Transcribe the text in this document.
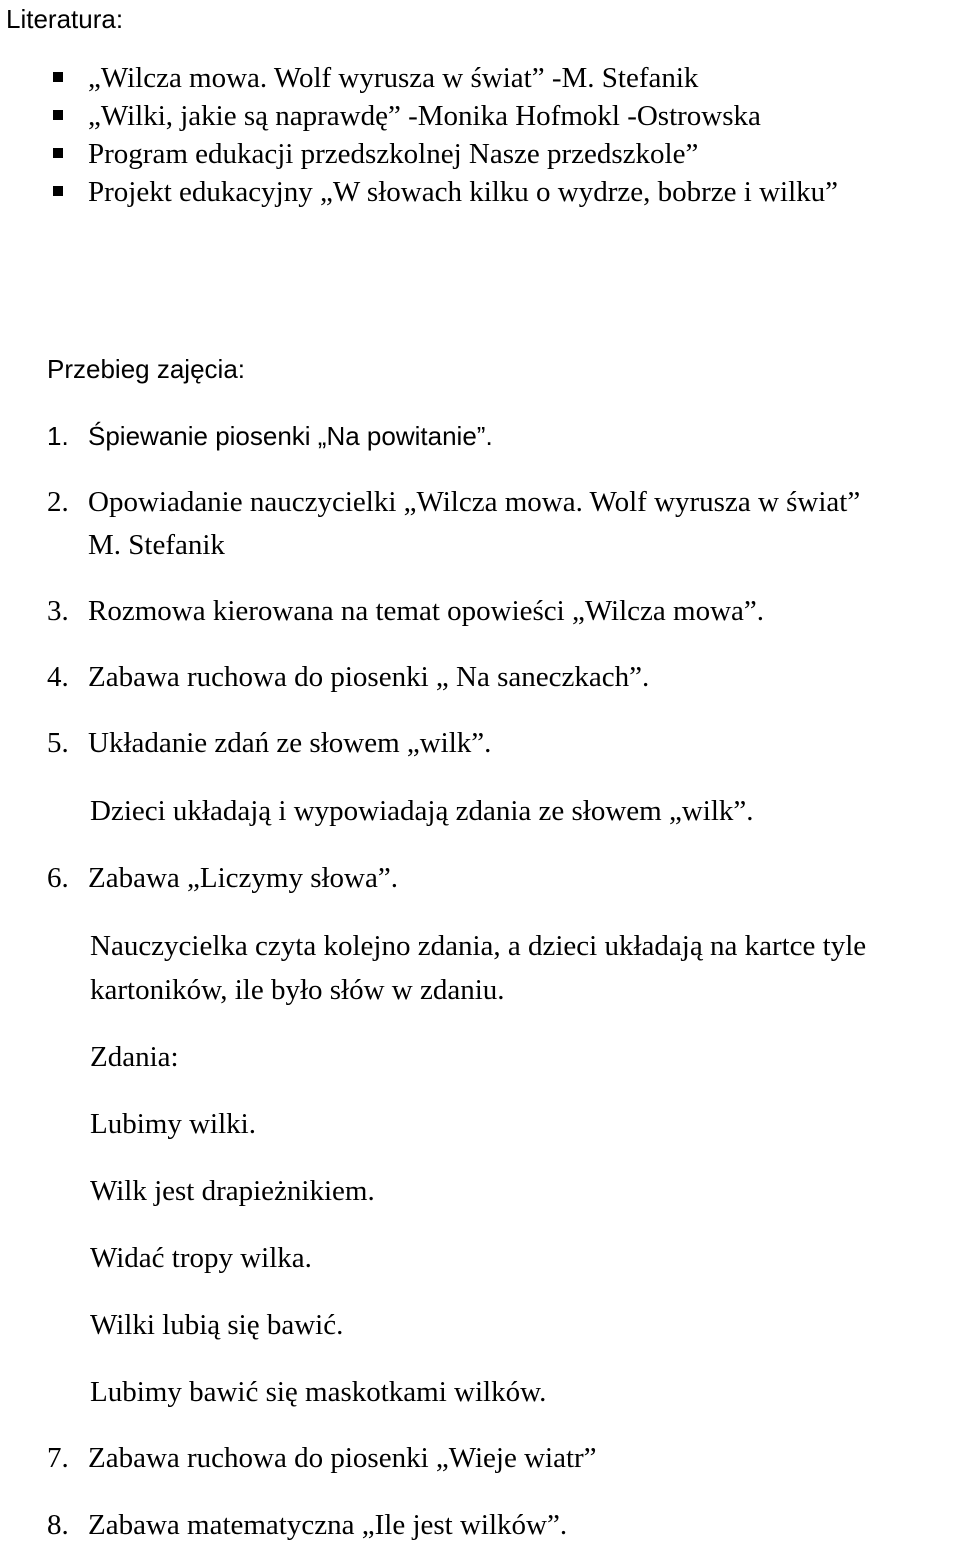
Literatura:
„Wilcza mowa. Wolf wyrusza w świat” -M. Stefanik
„Wilki, jakie są naprawdę” -Monika Hofmokl -Ostrowska
Program edukacji przedszkolnej Nasze przedszkole”
Projekt edukacyjny „W słowach kilku o wydrze, bobrze i wilku”
Przebieg zajęcia:
1. Śpiewanie piosenki „Na powitanie”.
2. Opowiadanie nauczycielki „Wilcza mowa. Wolf wyrusza w świat”
M. Stefanik
3. Rozmowa kierowana na temat opowieści „Wilcza mowa”.
4. Zabawa ruchowa do piosenki „ Na saneczkach”.
5. Układanie zdań ze słowem „wilk”.
Dzieci układają i wypowiadają zdania ze słowem „wilk”.
6. Zabawa „Liczymy słowa”.
Nauczycielka czyta kolejno zdania, a dzieci układają na kartce tyle
kartoników, ile było słów w zdaniu.
Zdania:
Lubimy wilki.
Wilk jest drapieżnikiem.
Widać tropy wilka.
Wilki lubią się bawić.
Lubimy bawić się maskotkami wilków.
7. Zabawa ruchowa do piosenki „Wieje wiatr”
8. Zabawa matematyczna „Ile jest wilków”.
